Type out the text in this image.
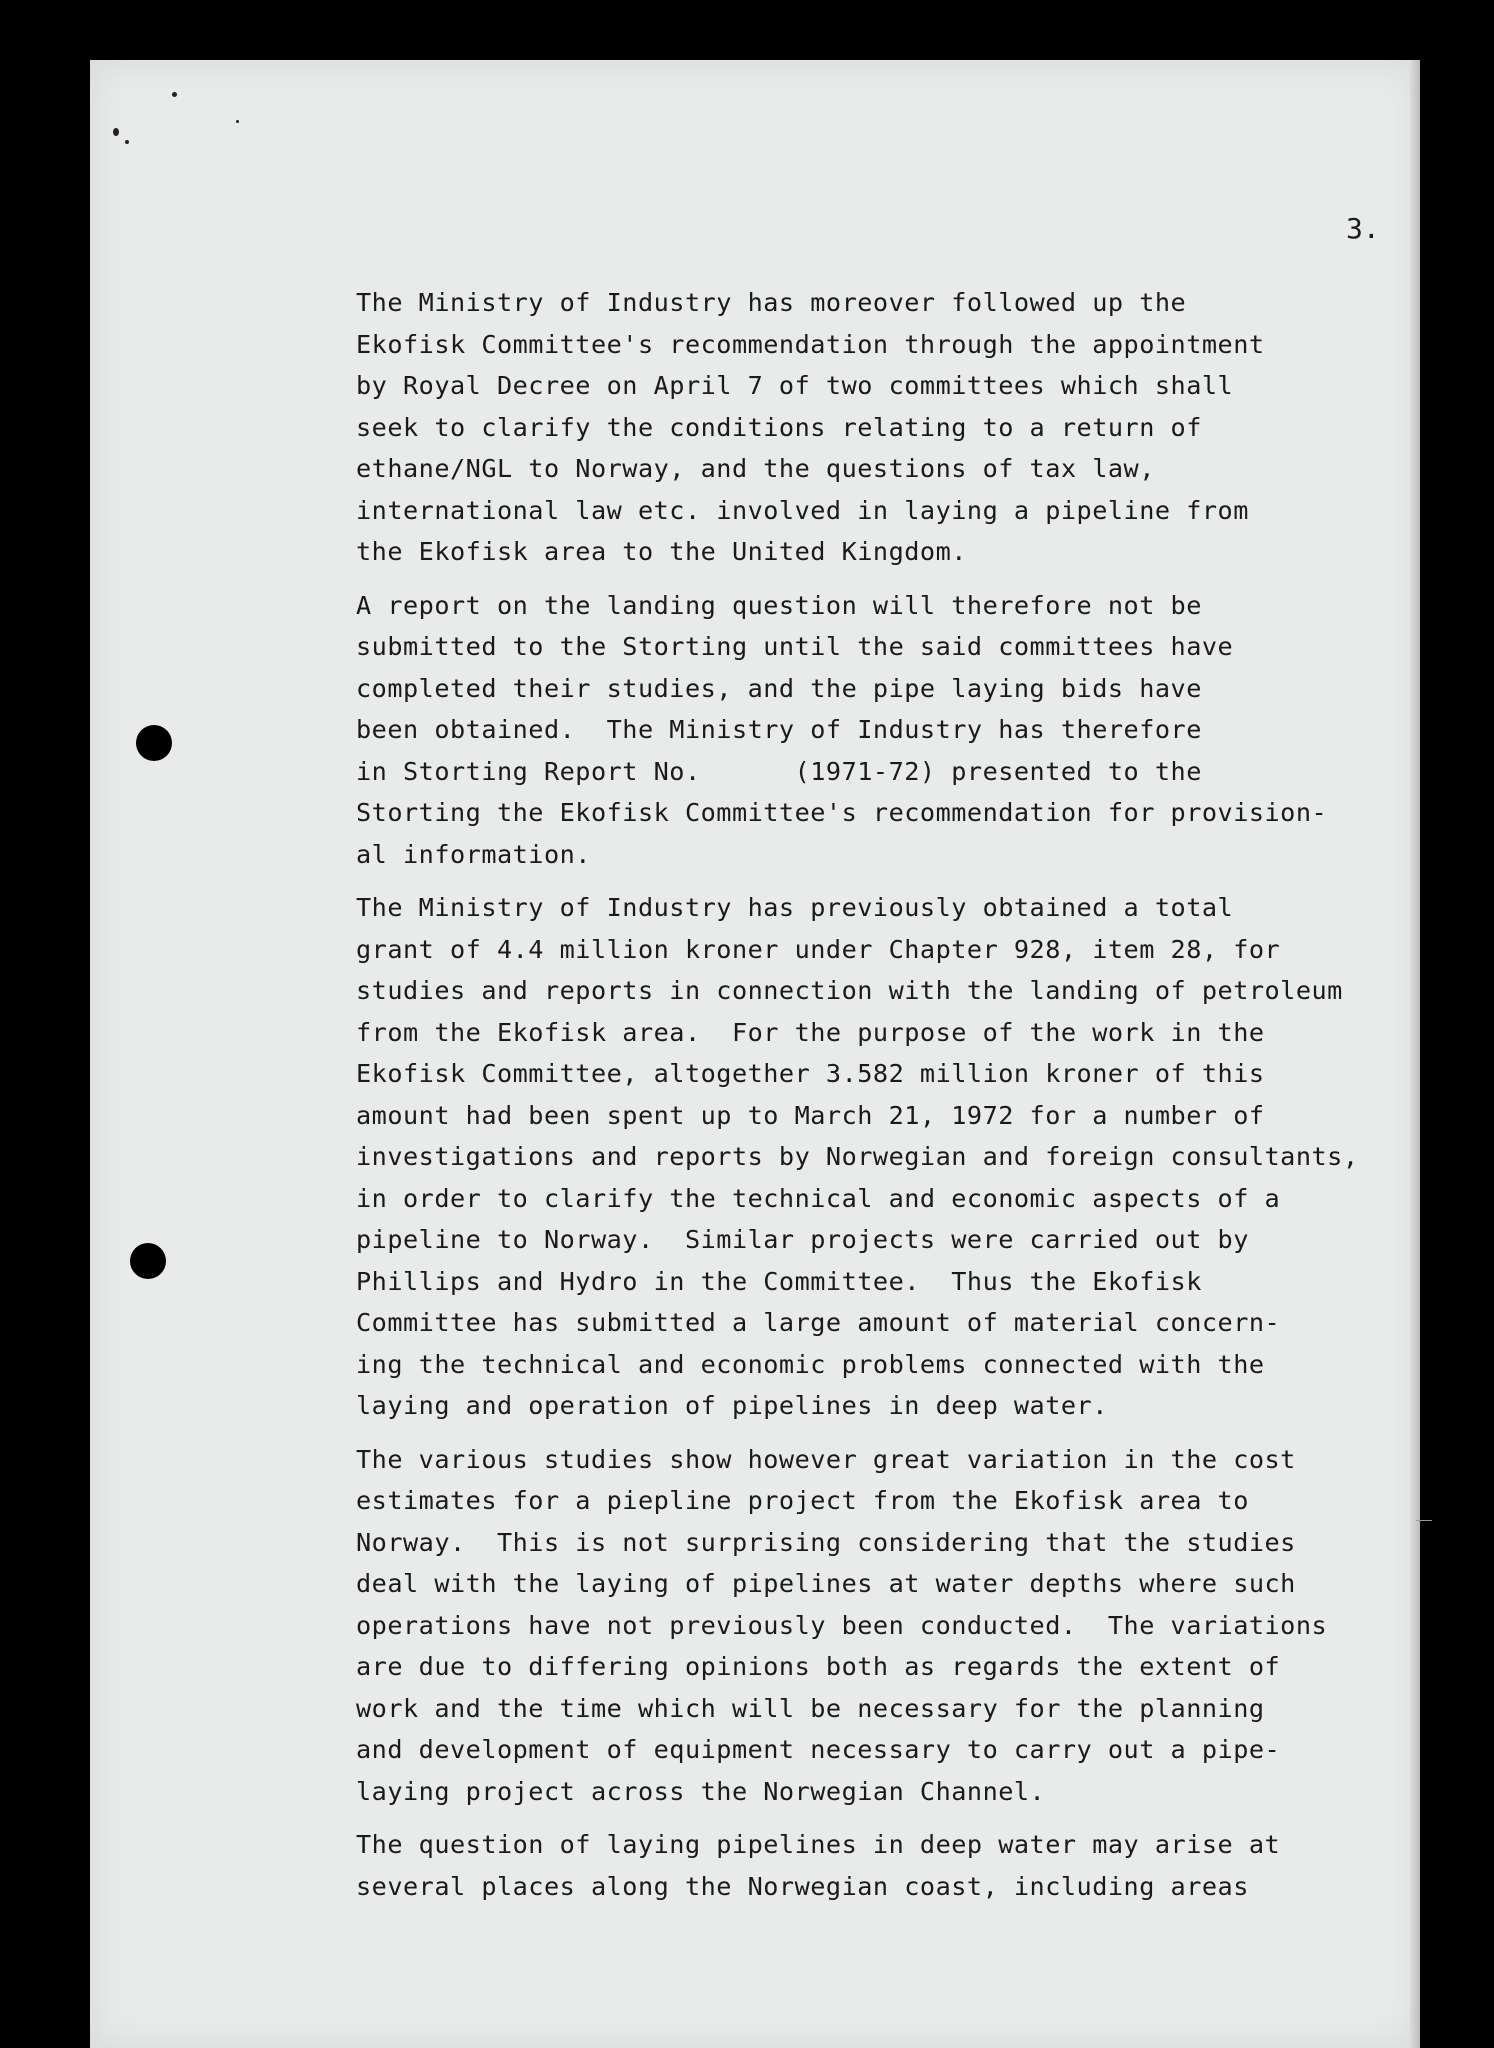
3.
The Ministry of Industry has moreover followed up the
Ekofisk Committee's recommendation through the appointment
by Royal Decree on April 7 of two committees which shall
seek to clarify the conditions relating to a return of
ethane/NGL to Norway, and the questions of tax law,
international law etc. involved in laying a pipeline from
the Ekofisk area to the United Kingdom.
A report on the landing question will therefore not be
submitted to the Storting until the said committees have
completed their studies, and the pipe laying bids have
been obtained.  The Ministry of Industry has therefore
in Storting Report No.      (1971-72) presented to the
Storting the Ekofisk Committee's recommendation for provision-
al information.
The Ministry of Industry has previously obtained a total
grant of 4.4 million kroner under Chapter 928, item 28, for
studies and reports in connection with the landing of petroleum
from the Ekofisk area.  For the purpose of the work in the
Ekofisk Committee, altogether 3.582 million kroner of this
amount had been spent up to March 21, 1972 for a number of
investigations and reports by Norwegian and foreign consultants,
in order to clarify the technical and economic aspects of a
pipeline to Norway.  Similar projects were carried out by
Phillips and Hydro in the Committee.  Thus the Ekofisk
Committee has submitted a large amount of material concern-
ing the technical and economic problems connected with the
laying and operation of pipelines in deep water.
The various studies show however great variation in the cost
estimates for a piepline project from the Ekofisk area to
Norway.  This is not surprising considering that the studies
deal with the laying of pipelines at water depths where such
operations have not previously been conducted.  The variations
are due to differing opinions both as regards the extent of
work and the time which will be necessary for the planning
and development of equipment necessary to carry out a pipe-
laying project across the Norwegian Channel.
The question of laying pipelines in deep water may arise at
several places along the Norwegian coast, including areas
